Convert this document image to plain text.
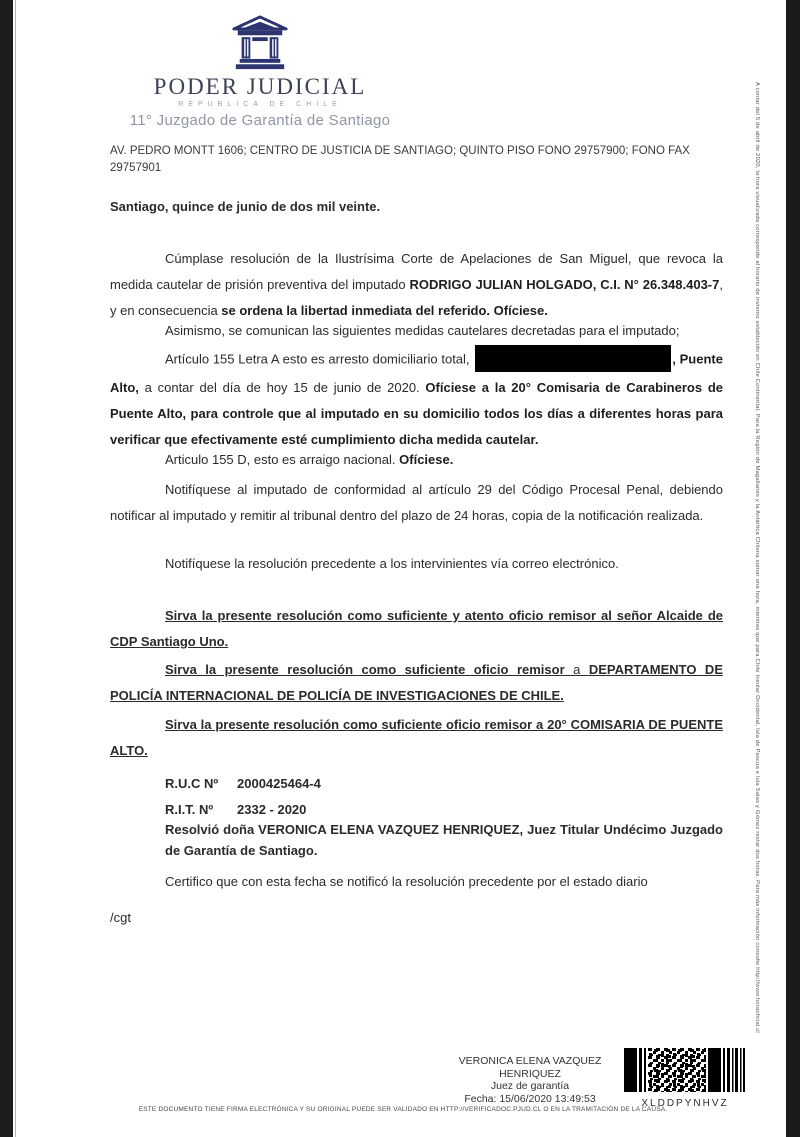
A contar del 5 de abril de 2020, la hora visualizada corresponde al horario de invierno establecido en Chile Continental. Para la Región de Magallanes y la Antártica Chilena sumar una hora, mientras que para Chile Insular Occidental, Isla de Pascua e Isla Salas y Gómez restar dos horas. Para más información consulte http://www.horaoficial.cl
PODER JUDICIAL
REPUBLICA DE CHILE
11° Juzgado de Garantía de Santiago
AV. PEDRO MONTT 1606; CENTRO DE JUSTICIA DE SANTIAGO; QUINTO PISO FONO 29757900; FONO FAX 29757901

Santiago, quince de junio de dos mil veinte.

Cúmplase resolución de la Ilustrísima Corte de Apelaciones de San Miguel, que revoca la medida cautelar de prisión preventiva del imputado RODRIGO JULIAN HOLGADO, C.I. N° 26.348.403-7, y en consecuencia se ordena la libertad inmediata del referido. Ofíciese.

Asimismo, se comunican las siguientes medidas cautelares decretadas para el imputado;

Artículo 155 Letra A esto es arresto domiciliario total,	, Puente Alto, a contar del día de hoy 15 de junio de 2020. Ofíciese a la 20° Comisaria de Carabineros de Puente Alto, para controle que al imputado en su domicilio todos los días a diferentes horas para verificar que efectivamente esté cumplimiento dicha medida cautelar.

Articulo 155 D, esto es arraigo nacional. Ofíciese.

Notifíquese al imputado de conformidad al artículo 29 del Código Procesal Penal, debiendo notificar al imputado y remitir al tribunal dentro del plazo de 24 horas, copia de la notificación realizada.

Notifíquese la resolución precedente a los intervinientes vía correo electrónico.

Sirva la presente resolución como suficiente y atento oficio remisor al señor Alcaide de CDP Santiago Uno.

Sirva la presente resolución como suficiente oficio remisor a DEPARTAMENTO DE POLICÍA INTERNACIONAL DE POLICÍA DE INVESTIGACIONES DE CHILE.

Sirva la presente resolución como suficiente oficio remisor a 20° COMISARIA DE PUENTE ALTO.

R.U.C Nº	2000425464-4
R.I.T. Nº	2332 - 2020
Resolvió doña VERONICA ELENA VAZQUEZ HENRIQUEZ, Juez Titular Undécimo Juzgado de Garantía de Santiago.

Certifico que con esta fecha se notificó la resolución precedente por el estado diario

/cgt

VERONICA ELENA VAZQUEZ
HENRIQUEZ
Juez de garantía
Fecha: 15/06/2020 13:49:53	XLDDPYNHVZ
ESTE DOCUMENTO TIENE FIRMA ELECTRÓNICA Y SU ORIGINAL PUEDE SER VALIDADO EN HTTP://VERIFICADOC.PJUD.CL O EN LA TRAMITACIÓN DE LA CAUSA.
